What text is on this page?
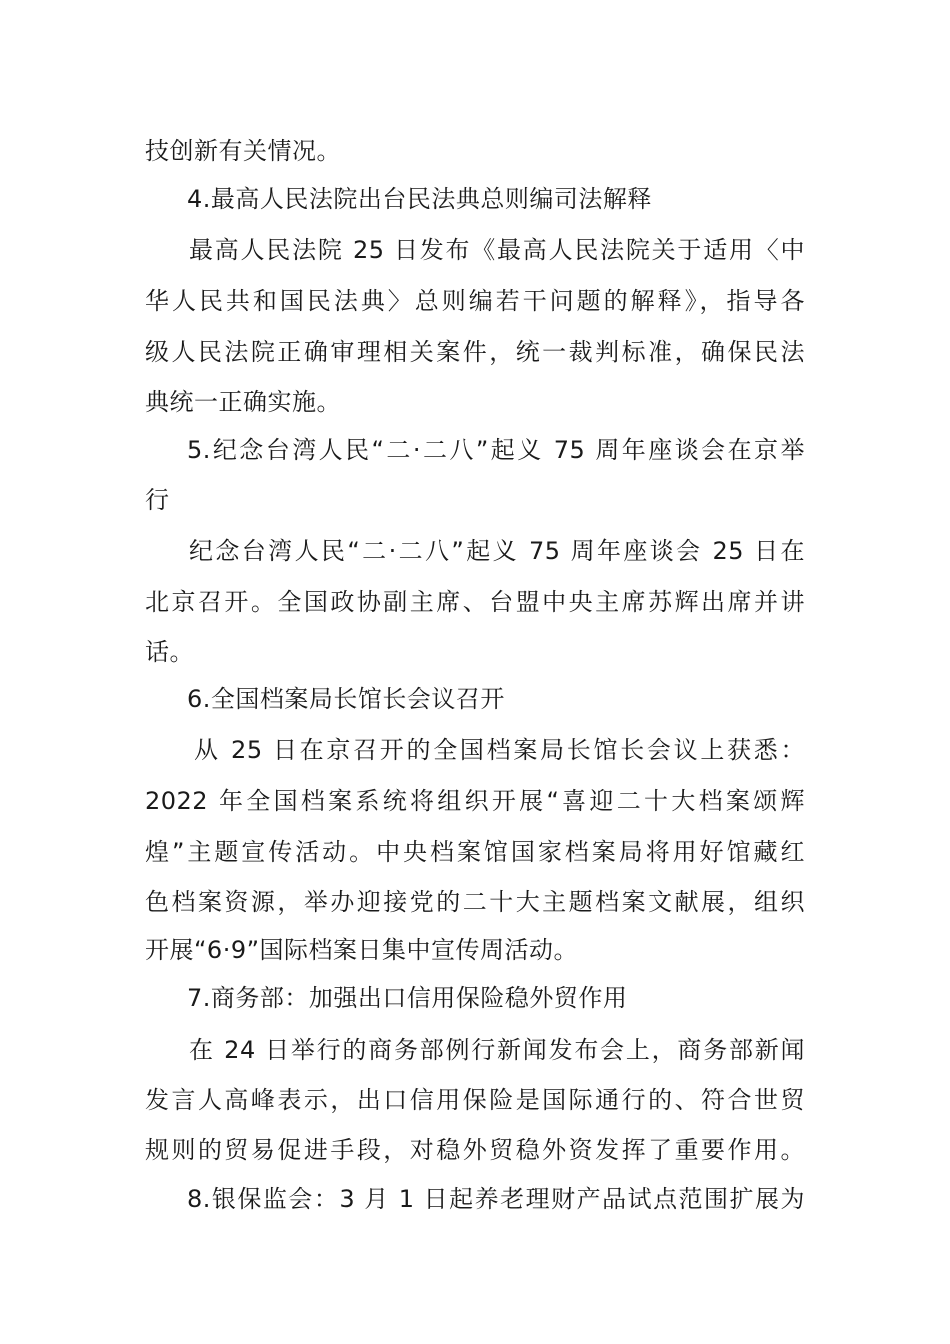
技创新有关情况。
4.最高人民法院出台民法典总则编司法解释
最高人民法院 25 日发布《最高人民法院关于适用〈中
华人民共和国民法典〉总则编若干问题的解释》，指导各
级人民法院正确审理相关案件，统一裁判标准，确保民法
典统一正确实施。
5.纪念台湾人民“二·二八”起义 75 周年座谈会在京举
行
纪念台湾人民“二·二八”起义 75 周年座谈会 25 日在
北京召开。全国政协副主席、台盟中央主席苏辉出席并讲
话。
6.全国档案局长馆长会议召开
从 25 日在京召开的全国档案局长馆长会议上获悉：
2022 年全国档案系统将组织开展“喜迎二十大档案颂辉
煌”主题宣传活动。中央档案馆国家档案局将用好馆藏红
色档案资源，举办迎接党的二十大主题档案文献展，组织
开展“6·9”国际档案日集中宣传周活动。
7.商务部：加强出口信用保险稳外贸作用
在 24 日举行的商务部例行新闻发布会上，商务部新闻
发言人高峰表示，出口信用保险是国际通行的、符合世贸
规则的贸易促进手段，对稳外贸稳外资发挥了重要作用。
8.银保监会：3 月 1 日起养老理财产品试点范围扩展为
